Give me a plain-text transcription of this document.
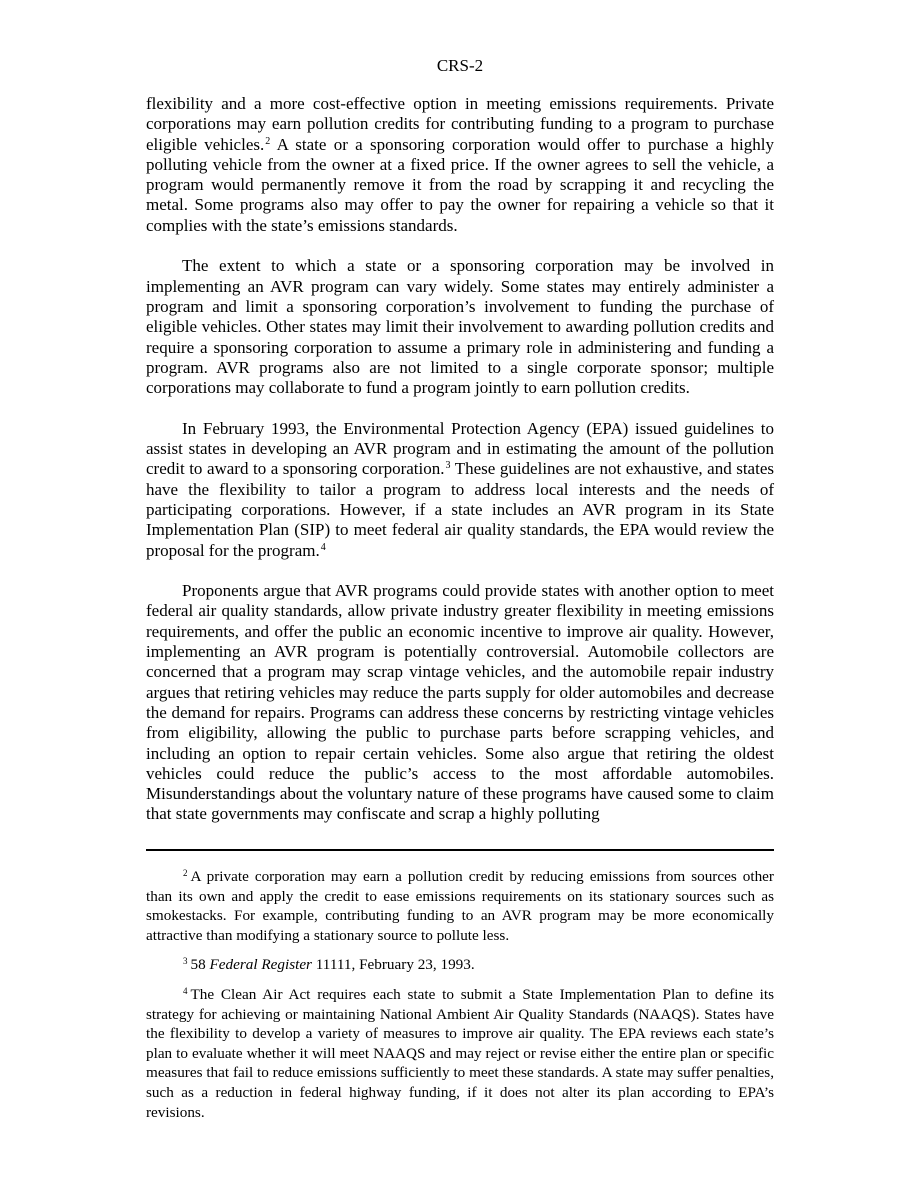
CRS-2

flexibility and a more cost-effective option in meeting emissions requirements. Private corporations may earn pollution credits for contributing funding to a program to purchase eligible vehicles.$^2$ A state or a sponsoring corporation would offer to purchase a highly polluting vehicle from the owner at a fixed price. If the owner agrees to sell the vehicle, a program would permanently remove it from the road by scrapping it and recycling the metal. Some programs also may offer to pay the owner for repairing a vehicle so that it complies with the state’s emissions standards.

The extent to which a state or a sponsoring corporation may be involved in implementing an AVR program can vary widely. Some states may entirely administer a program and limit a sponsoring corporation’s involvement to funding the purchase of eligible vehicles. Other states may limit their involvement to awarding pollution credits and require a sponsoring corporation to assume a primary role in administering and funding a program. AVR programs also are not limited to a single corporate sponsor; multiple corporations may collaborate to fund a program jointly to earn pollution credits.

In February 1993, the Environmental Protection Agency (EPA) issued guidelines to assist states in developing an AVR program and in estimating the amount of the pollution credit to award to a sponsoring corporation.$^3$ These guidelines are not exhaustive, and states have the flexibility to tailor a program to address local interests and the needs of participating corporations. However, if a state includes an AVR program in its State Implementation Plan (SIP) to meet federal air quality standards, the EPA would review the proposal for the program.$^4$

Proponents argue that AVR programs could provide states with another option to meet federal air quality standards, allow private industry greater flexibility in meeting emissions requirements, and offer the public an economic incentive to improve air quality. However, implementing an AVR program is potentially controversial. Automobile collectors are concerned that a program may scrap vintage vehicles, and the automobile repair industry argues that retiring vehicles may reduce the parts supply for older automobiles and decrease the demand for repairs. Programs can address these concerns by restricting vintage vehicles from eligibility, allowing the public to purchase parts before scrapping vehicles, and including an option to repair certain vehicles. Some also argue that retiring the oldest vehicles could reduce the public’s access to the most affordable automobiles. Misunderstandings about the voluntary nature of these programs have caused some to claim that state governments may confiscate and scrap a highly polluting

$^2$ A private corporation may earn a pollution credit by reducing emissions from sources other than its own and apply the credit to ease emissions requirements on its stationary sources such as smokestacks. For example, contributing funding to an AVR program may be more economically attractive than modifying a stationary source to pollute less.

$^3$ 58 Federal Register 11111, February 23, 1993.

$^4$ The Clean Air Act requires each state to submit a State Implementation Plan to define its strategy for achieving or maintaining National Ambient Air Quality Standards (NAAQS). States have the flexibility to develop a variety of measures to improve air quality. The EPA reviews each state’s plan to evaluate whether it will meet NAAQS and may reject or revise either the entire plan or specific measures that fail to reduce emissions sufficiently to meet these standards. A state may suffer penalties, such as a reduction in federal highway funding, if it does not alter its plan according to EPA’s revisions.
